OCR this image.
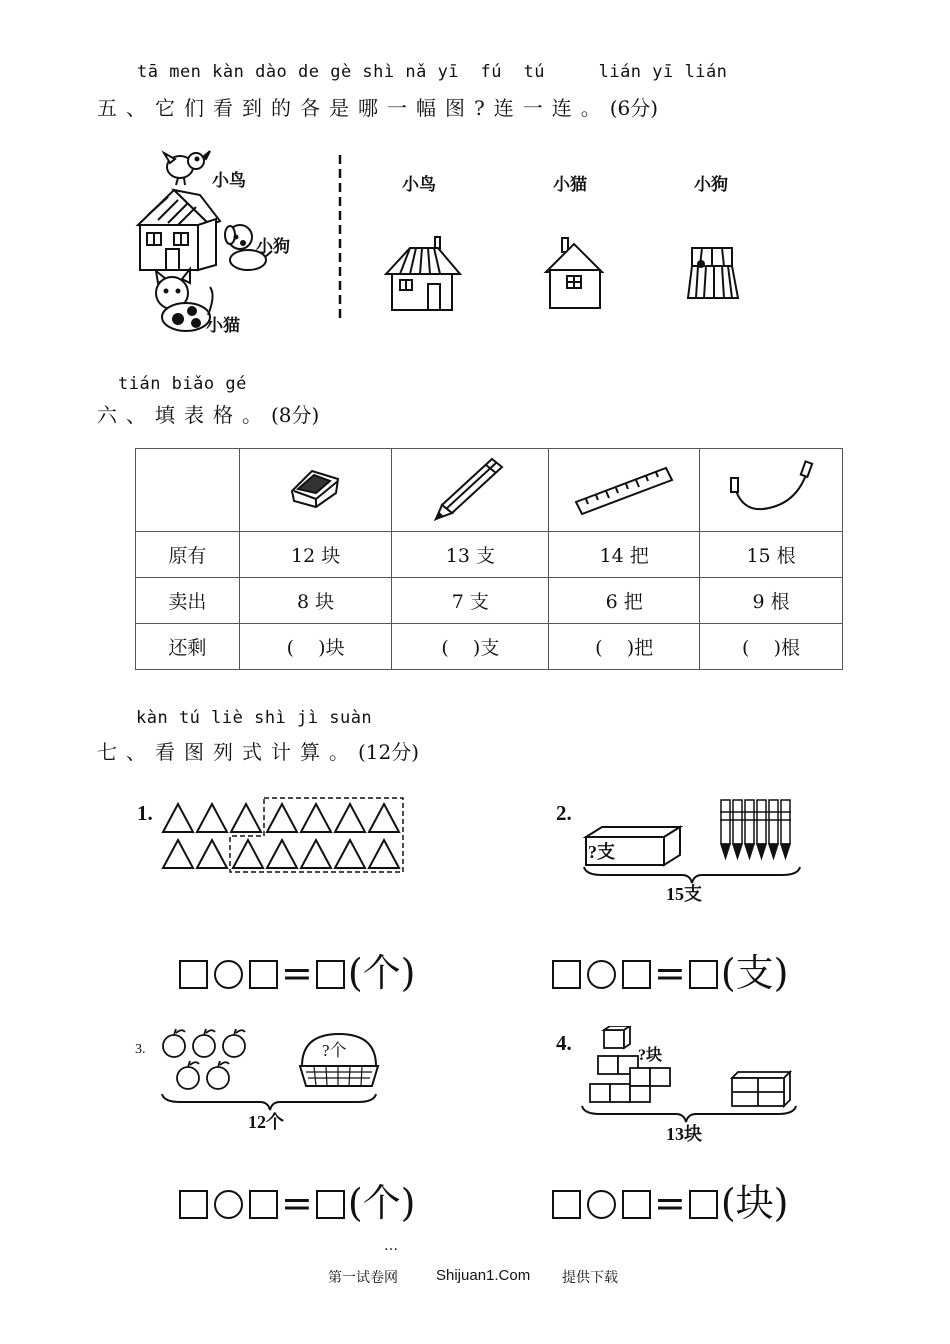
tā men kàn dào de gè shì nǎ yī  fú  tú     lián yī lián
五、它们看到的各是哪一幅图?连一连。(6分)
小鸟
小狗
小猫
小鸟	小猫	小狗
tián biǎo gé
六、填表格。(8分)

原有	12 块	13 支	14 把	15 根
卖出	8 块	7 支	6 把	9 根
还剩	(    )块	(    )支	(    )把	(    )根
kàn tú liè shì jì suàn
七、看图列式计算。(12分)
1.	2.
?支
15支
= (个)	= (支)
3.	?个
12个
4.
?块
13块
= (个)	= (块)
…
第一试卷网	Shijuan1.Com 提供下载
